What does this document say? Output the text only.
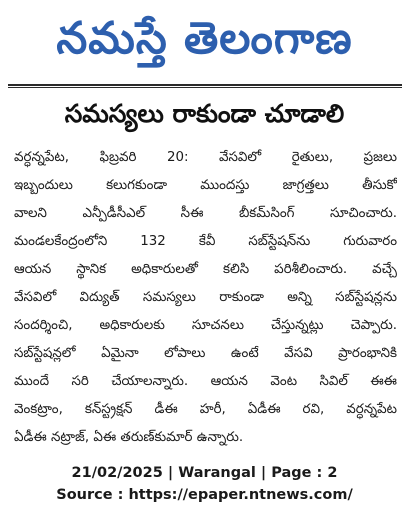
నమస్తే తెలంగాణ
సమస్యలు రాకుండా చూడాలి
వర్ధన్నపేట, ఫిబ్రవరి 20: వేసవిలో రైతులు, ప్రజలు
ఇబ్బందులు కలుగకుండా ముందస్తు జాగ్రత్తలు తీసుకో
వాలని ఎన్పీడీసీఎల్ సీఈ బీకమ్‌సింగ్ సూచించారు.
మండలకేంద్రంలోని 132 కేవీ సబ్‌స్టేషన్‌ను గురువారం
ఆయన స్థానిక అధికారులతో కలిసి పరిశీలించారు. వచ్చే
వేసవిలో విద్యుత్ సమస్యలు రాకుండా అన్ని సబ్‌స్టేషన్లను
సందర్శించి, అధికారులకు సూచనలు చేస్తున్నట్లు చెప్పారు.
సబ్‌స్టేషన్లలో ఏమైనా లోపాలు ఉంటే వేసవి ప్రారంభానికి
ముందే సరి చేయాలన్నారు. ఆయన వెంట సివిల్ ఈఈ
వెంకట్రాం, కన్‌స్ట్రక్షన్ డీఈ హరీ, ఏడీఈ రవి, వర్ధన్నపేట
ఏడీఈ నట్రాజ్, ఏఈ తరుణ్‌కుమార్ ఉన్నారు.
21/02/2025 | Warangal | Page : 2
Source : https://epaper.ntnews.com/
